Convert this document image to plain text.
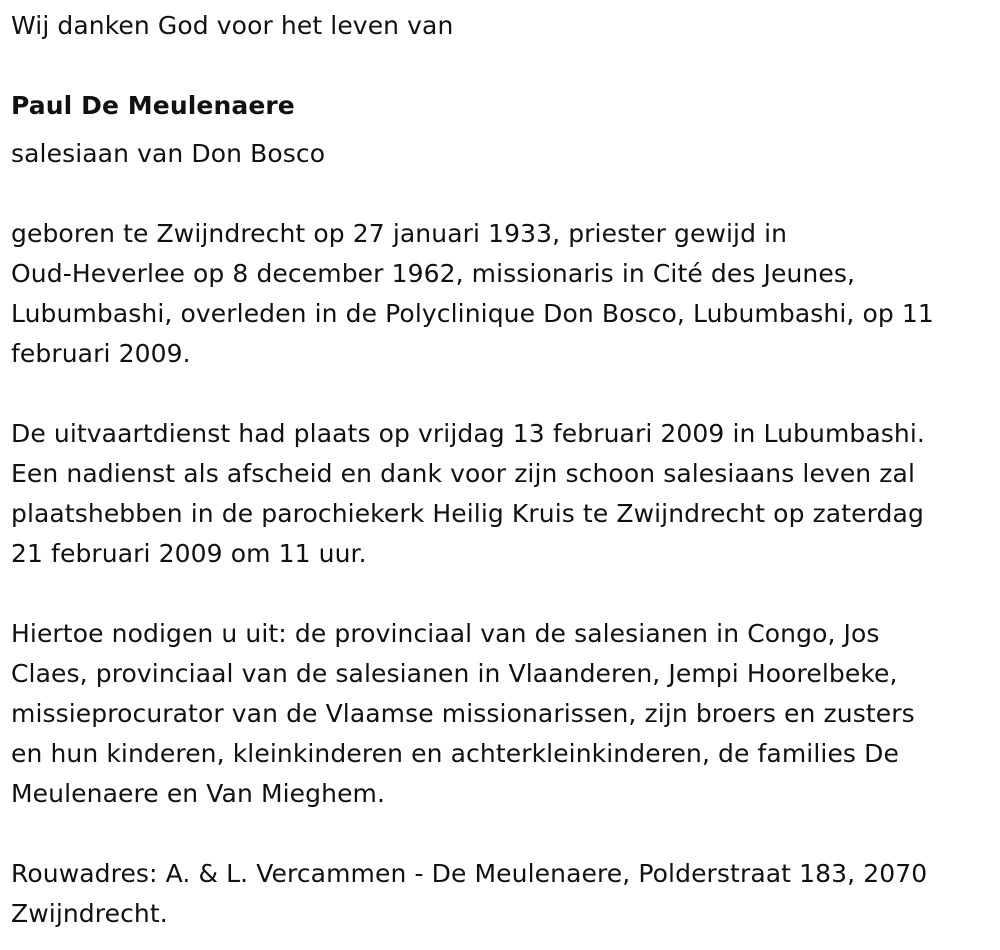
Wij danken God voor het leven van
Paul De Meulenaere
salesiaan van Don Bosco
geboren te Zwijndrecht op 27 januari 1933, priester gewijd in
Oud-Heverlee op 8 december 1962, missionaris in Cité des Jeunes,
Lubumbashi, overleden in de Polyclinique Don Bosco, Lubumbashi, op 11
februari 2009.
De uitvaartdienst had plaats op vrijdag 13 februari 2009 in Lubumbashi.
Een nadienst als afscheid en dank voor zijn schoon salesiaans leven zal
plaatshebben in de parochiekerk Heilig Kruis te Zwijndrecht op zaterdag
21 februari 2009 om 11 uur.
Hiertoe nodigen u uit: de provinciaal van de salesianen in Congo, Jos
Claes, provinciaal van de salesianen in Vlaanderen, Jempi Hoorelbeke,
missieprocurator van de Vlaamse missionarissen, zijn broers en zusters
en hun kinderen, kleinkinderen en achterkleinkinderen, de families De
Meulenaere en Van Mieghem.
Rouwadres: A. & L. Vercammen - De Meulenaere, Polderstraat 183, 2070
Zwijndrecht.
